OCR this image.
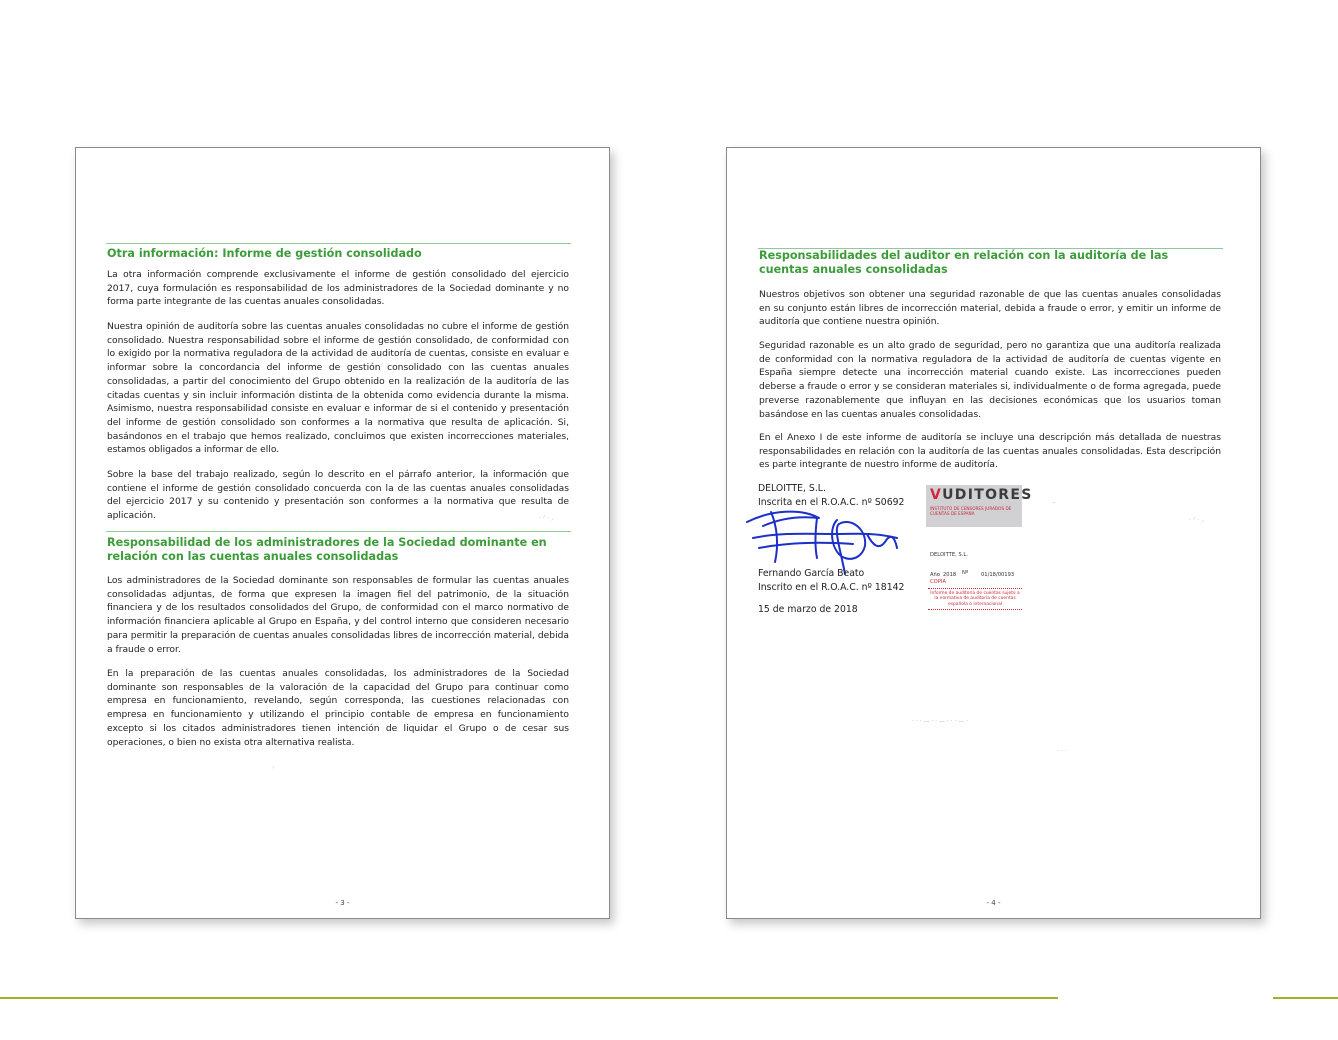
Otra información: Informe de gestión consolidado

La otra información comprende exclusivamente el informe de gestión consolidado del ejercicio 2017, cuya formulación es responsabilidad de los administradores de la Sociedad dominante y no forma parte integrante de las cuentas anuales consolidadas.

Nuestra opinión de auditoría sobre las cuentas anuales consolidadas no cubre el informe de gestión consolidado. Nuestra responsabilidad sobre el informe de gestión consolidado, de conformidad con lo exigido por la normativa reguladora de la actividad de auditoría de cuentas, consiste en evaluar e informar sobre la concordancia del informe de gestión consolidado con las cuentas anuales consolidadas, a partir del conocimiento del Grupo obtenido en la realización de la auditoría de las citadas cuentas y sin incluir información distinta de la obtenida como evidencia durante la misma. Asimismo, nuestra responsabilidad consiste en evaluar e informar de si el contenido y presentación del informe de gestión consolidado son conformes a la normativa que resulta de aplicación. Si, basándonos en el trabajo que hemos realizado, concluimos que existen incorrecciones materiales, estamos obligados a informar de ello.

Sobre la base del trabajo realizado, según lo descrito en el párrafo anterior, la información que contiene el informe de gestión consolidado concuerda con la de las cuentas anuales consolidadas del ejercicio 2017 y su contenido y presentación son conformes a la normativa que resulta de aplicación.

Responsabilidad de los administradores de la Sociedad dominante en relación con las cuentas anuales consolidadas

Los administradores de la Sociedad dominante son responsables de formular las cuentas anuales consolidadas adjuntas, de forma que expresen la imagen fiel del patrimonio, de la situación financiera y de los resultados consolidados del Grupo, de conformidad con el marco normativo de información financiera aplicable al Grupo en España, y del control interno que consideren necesario para permitir la preparación de cuentas anuales consolidadas libres de incorrección material, debida a fraude o error.

En la preparación de las cuentas anuales consolidadas, los administradores de la Sociedad dominante son responsables de la valoración de la capacidad del Grupo para continuar como empresa en funcionamiento, revelando, según corresponda, las cuestiones relacionadas con empresa en funcionamiento y utilizando el principio contable de empresa en funcionamiento excepto si los citados administradores tienen intención de liquidar el Grupo o de cesar sus operaciones, o bien no exista otra alternativa realista.

· ᐟ · ⸝
⸝

- 3 -

Responsabilidades del auditor en relación con la auditoría de las cuentas anuales consolidadas

Nuestros objetivos son obtener una seguridad razonable de que las cuentas anuales consolidadas en su conjunto están libres de incorrección material, debida a fraude o error, y emitir un informe de auditoría que contiene nuestra opinión.

Seguridad razonable es un alto grado de seguridad, pero no garantiza que una auditoría realizada de conformidad con la normativa reguladora de la actividad de auditoría de cuentas vigente en España siempre detecte una incorrección material cuando existe. Las incorrecciones pueden deberse a fraude o error y se consideran materiales si, individualmente o de forma agregada, puede preverse razonablemente que influyan en las decisiones económicas que los usuarios toman basándose en las cuentas anuales consolidadas.

En el Anexo I de este informe de auditoría se incluye una descripción más detallada de nuestras responsabilidades en relación con la auditoría de las cuentas anuales consolidadas. Esta descripción es parte integrante de nuestro informe de auditoría.

DELOITTE, S.L.

Inscrita en el R.O.A.C. nº S0692 VUDITORES
INSTITUTO DE CENSORES JURADOS DE CUENTAS DE ESPAÑA

DELOITTE, S.L.

Año 2018 Nº 01/18/00193

COPIA

Informe de auditoría de cuentas sujeto a la normativa de auditoría de cuentas española o internacional

Fernando García Beato

Inscrito en el R.O.A.C. nº 18142

15 de marzo de 2018

· ᐟ · ⸝
·
· · · — · · — · · · — ·
· · ·

- 4 -
